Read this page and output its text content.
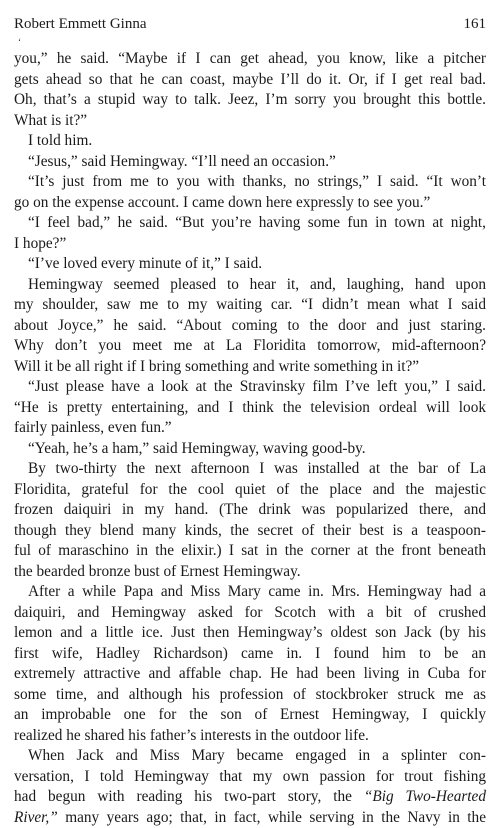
Robert Emmett Ginna	161
‘
you,” he said. “Maybe if I can get ahead, you know, like a pitcher
gets ahead so that he can coast, maybe I’ll do it. Or, if I get real bad.
Oh, that’s a stupid way to talk. Jeez, I’m sorry you brought this bottle.
What is it?”
I told him.
“Jesus,” said Hemingway. “I’ll need an occasion.”
“It’s just from me to you with thanks, no strings,” I said. “It won’t
go on the expense account. I came down here expressly to see you.”
“I feel bad,” he said. “But you’re having some fun in town at night,
I hope?”
“I’ve loved every minute of it,” I said.
Hemingway seemed pleased to hear it, and, laughing, hand upon
my shoulder, saw me to my waiting car. “I didn’t mean what I said
about Joyce,” he said. “About coming to the door and just staring.
Why don’t you meet me at La Floridita tomorrow, mid-afternoon?
Will it be all right if I bring something and write something in it?”
“Just please have a look at the Stravinsky film I’ve left you,” I said.
“He is pretty entertaining, and I think the television ordeal will look
fairly painless, even fun.”
“Yeah, he’s a ham,” said Hemingway, waving good-by.
By two-thirty the next afternoon I was installed at the bar of La
Floridita, grateful for the cool quiet of the place and the majestic
frozen daiquiri in my hand. (The drink was popularized there, and
though they blend many kinds, the secret of their best is a teaspoon-
ful of maraschino in the elixir.) I sat in the corner at the front beneath
the bearded bronze bust of Ernest Hemingway.
After a while Papa and Miss Mary came in. Mrs. Hemingway had a
daiquiri, and Hemingway asked for Scotch with a bit of crushed
lemon and a little ice. Just then Hemingway’s oldest son Jack (by his
first wife, Hadley Richardson) came in. I found him to be an
extremely attractive and affable chap. He had been living in Cuba for
some time, and although his profession of stockbroker struck me as
an improbable one for the son of Ernest Hemingway, I quickly
realized he shared his father’s interests in the outdoor life.
When Jack and Miss Mary became engaged in a splinter con-
versation, I told Hemingway that my own passion for trout fishing
had begun with reading his two-part story, the “Big Two-Hearted
River,” many years ago; that, in fact, while serving in the Navy in the
